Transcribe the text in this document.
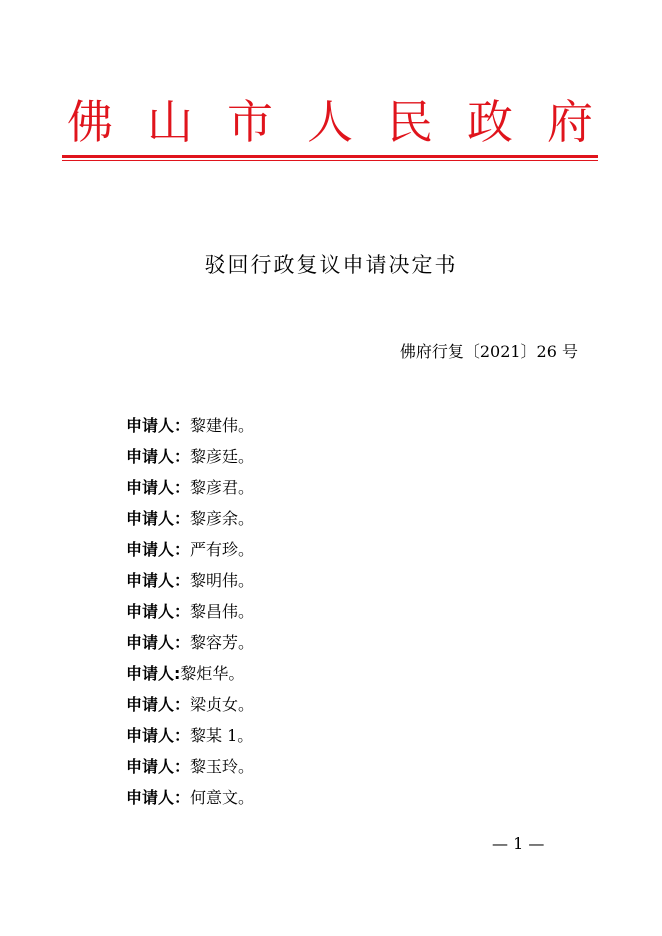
佛 山 市 人 民 政 府
驳回行政复议申请决定书
佛府行复〔2021〕26 号
申请人：黎建伟。
申请人：黎彦廷。
申请人：黎彦君。
申请人：黎彦余。
申请人：严有珍。
申请人：黎明伟。
申请人：黎昌伟。
申请人：黎容芳。
申请人:黎炬华。
申请人：梁贞女。
申请人：黎某 1。
申请人：黎玉玲。
申请人：何意文。
— 1 —
